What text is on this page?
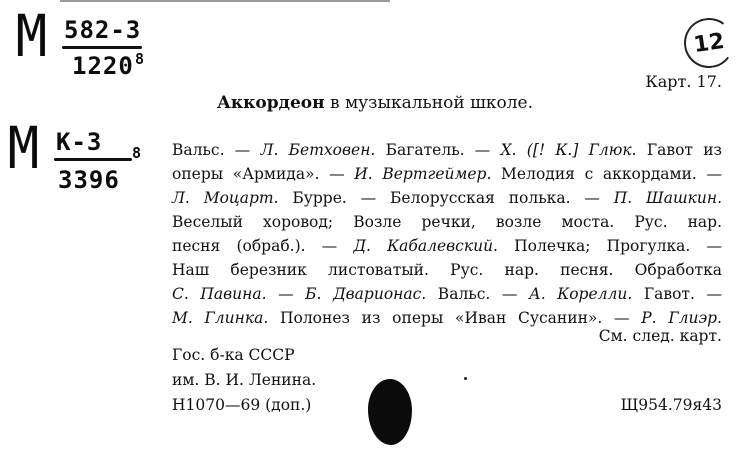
М 582-3
1220 8
М К-3
3396
8
12
Карт. 17.
Аккордеон в музыкальной школе.
Вальс. — Л. Бетховен. Багатель. — Х. ([! К.] Глюк. Гавот из
оперы «Армида». — И. Вертгеймер. Мелодия с аккордами. —
Л. Моцарт. Бурре. — Белорусская полька. — П. Шашкин.
Веселый хоровод; Возле речки, возле моста. Рус. нар.
песня (обраб.). — Д. Кабалевский. Полечка; Прогулка. —
Наш березник листоватый. Рус. нар. песня. Обработка
С. Павина. — Б. Дварионас. Вальс. — А. Корелли. Гавот. —
М. Глинка. Полонез из оперы «Иван Сусанин». — Р. Глиэр.
См. след. карт.
Гос. б-ка СССР
им. В. И. Ленина.
Н1070—69 (доп.)	Щ954.79я43
